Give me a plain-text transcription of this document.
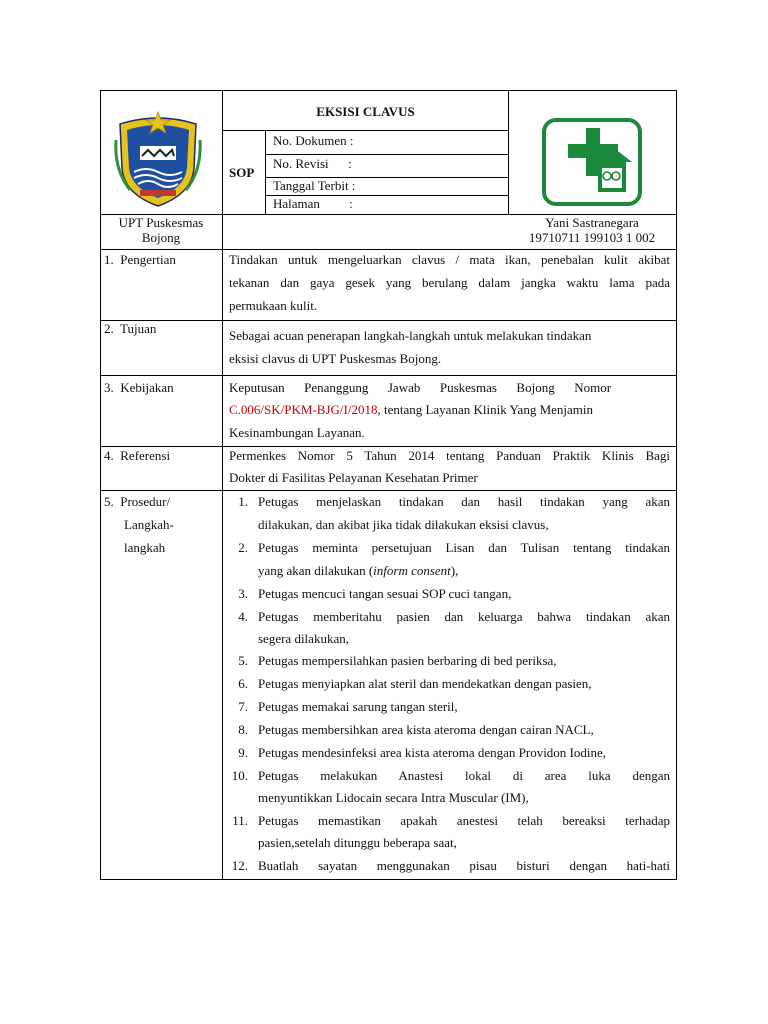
EKSISI CLAVUS
SOP
No. Dokumen :
No. Revisi      :
Tanggal Terbit :
Halaman         :
UPT Puskesmas
Bojong
Yani Sastranegara
19710711 199103 1 002
1.  Pengertian	Tindakan untuk mengeluarkan clavus / mata ikan, penebalan kulit akibat
tekanan dan gaya gesek yang berulang dalam jangka waktu lama pada
permukaan kulit.
2.  Tujuan	Sebagai acuan penerapan langkah-langkah untuk melakukan tindakan
eksisi clavus di UPT Puskesmas Bojong.
3.  Kebijakan	Keputusan      Penanggung      Jawab      Puskesmas      Bojong      Nomor
C.006/SK/PKM-BJG/I/2018, tentang Layanan Klinik Yang Menjamin
Kesinambungan Layanan.
4.  Referensi	Permenkes Nomor 5 Tahun 2014 tentang Panduan Praktik Klinis Bagi
Dokter di Fasilitas Pelayanan Kesehatan Primer
5.  Prosedur/
Langkah-
langkah
1. Petugas menjelaskan tindakan dan hasil tindakan yang akan
dilakukan, dan akibat jika tidak dilakukan eksisi clavus,
2. Petugas meminta persetujuan Lisan dan Tulisan tentang tindakan
yang akan dilakukan (inform consent),
3. Petugas mencuci tangan sesuai SOP cuci tangan,
4. Petugas memberitahu pasien dan keluarga bahwa tindakan akan
segera dilakukan,
5. Petugas mempersilahkan pasien berbaring di bed periksa,
6. Petugas menyiapkan alat steril dan mendekatkan dengan pasien,
7. Petugas memakai sarung tangan steril,
8. Petugas membersihkan area kista ateroma dengan cairan NACL,
9. Petugas mendesinfeksi area kista ateroma dengan Providon Iodine,
10. Petugas melakukan Anastesi lokal di area luka dengan
menyuntikkan Lidocain secara Intra Muscular (IM),
11. Petugas memastikan apakah anestesi telah bereaksi terhadap
pasien,setelah ditunggu beberapa saat,
12. Buatlah sayatan menggunakan pisau bisturi dengan hati-hati
